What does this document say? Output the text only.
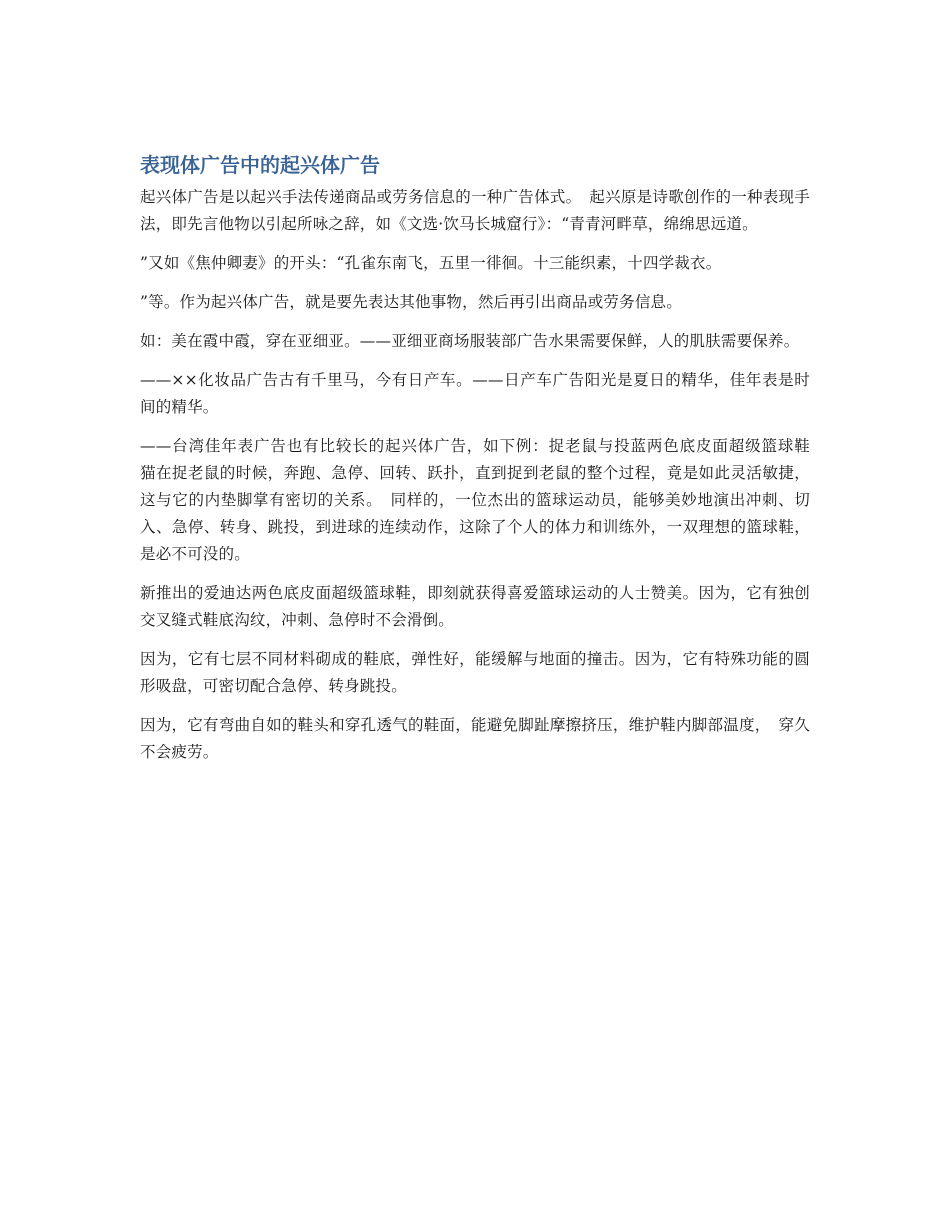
表现体广告中的起兴体广告

起兴体广告是以起兴手法传递商品或劳务信息的一种广告体式。　起兴原是诗歌创作的一种表现手法，即先言他物以引起所咏之辞，如《文选·饮马长城窟行》：“青青河畔草，绵绵思远道。

”又如《焦仲卿妻》的开头：“孔雀东南飞，五里一徘徊。十三能织素，十四学裁衣。

”等。作为起兴体广告，就是要先表达其他事物，然后再引出商品或劳务信息。

如：美在霞中霞，穿在亚细亚。——亚细亚商场服装部广告水果需要保鲜，人的肌肤需要保养。

——××化妆品广告古有千里马，今有日产车。——日产车广告阳光是夏日的精华，佳年表是时间的精华。

——台湾佳年表广告也有比较长的起兴体广告，如下例：捉老鼠与投蓝两色底皮面超级篮球鞋　猫在捉老鼠的时候，奔跑、急停、回转、跃扑，直到捉到老鼠的整个过程，竟是如此灵活敏捷，这与它的内垫脚掌有密切的关系。　同样的，一位杰出的篮球运动员，能够美妙地演出冲刺、切入、急停、转身、跳投，到进球的连续动作，这除了个人的体力和训练外，一双理想的篮球鞋，是必不可没的。

新推出的爱迪达两色底皮面超级篮球鞋，即刻就获得喜爱篮球运动的人士赞美。因为，它有独创交叉缝式鞋底沟纹，冲刺、急停时不会滑倒。

因为，它有七层不同材料砌成的鞋底，弹性好，能缓解与地面的撞击。因为，它有特殊功能的圆形吸盘，可密切配合急停、转身跳投。

因为，它有弯曲自如的鞋头和穿孔透气的鞋面，能避免脚趾摩擦挤压，维护鞋内脚部温度，　穿久不会疲劳。
